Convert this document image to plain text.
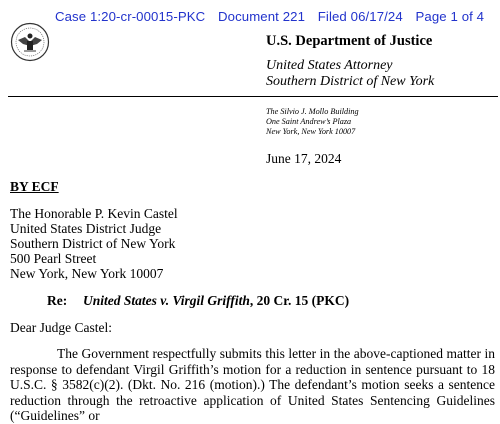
Case 1:20-cr-00015-PKC Document 221 Filed 06/17/24 Page 1 of 4
U.S. Department of Justice
United States Attorney
Southern District of New York
The Silvio J. Mollo Building
One Saint Andrew’s Plaza
New York, New York 10007
June 17, 2024
BY ECF
The Honorable P. Kevin Castel
United States District Judge
Southern District of New York
500 Pearl Street
New York, New York 10007
Re: United States v. Virgil Griffith, 20 Cr. 15 (PKC)
Dear Judge Castel:
The Government respectfully submits this letter in the above-captioned matter in response to defendant Virgil Griffith’s motion for a reduction in sentence pursuant to 18 U.S.C. § 3582(c)(2). (Dkt. No. 216 (motion).) The defendant’s motion seeks a sentence reduction through the retroactive application of United States Sentencing Guidelines (“Guidelines” or
